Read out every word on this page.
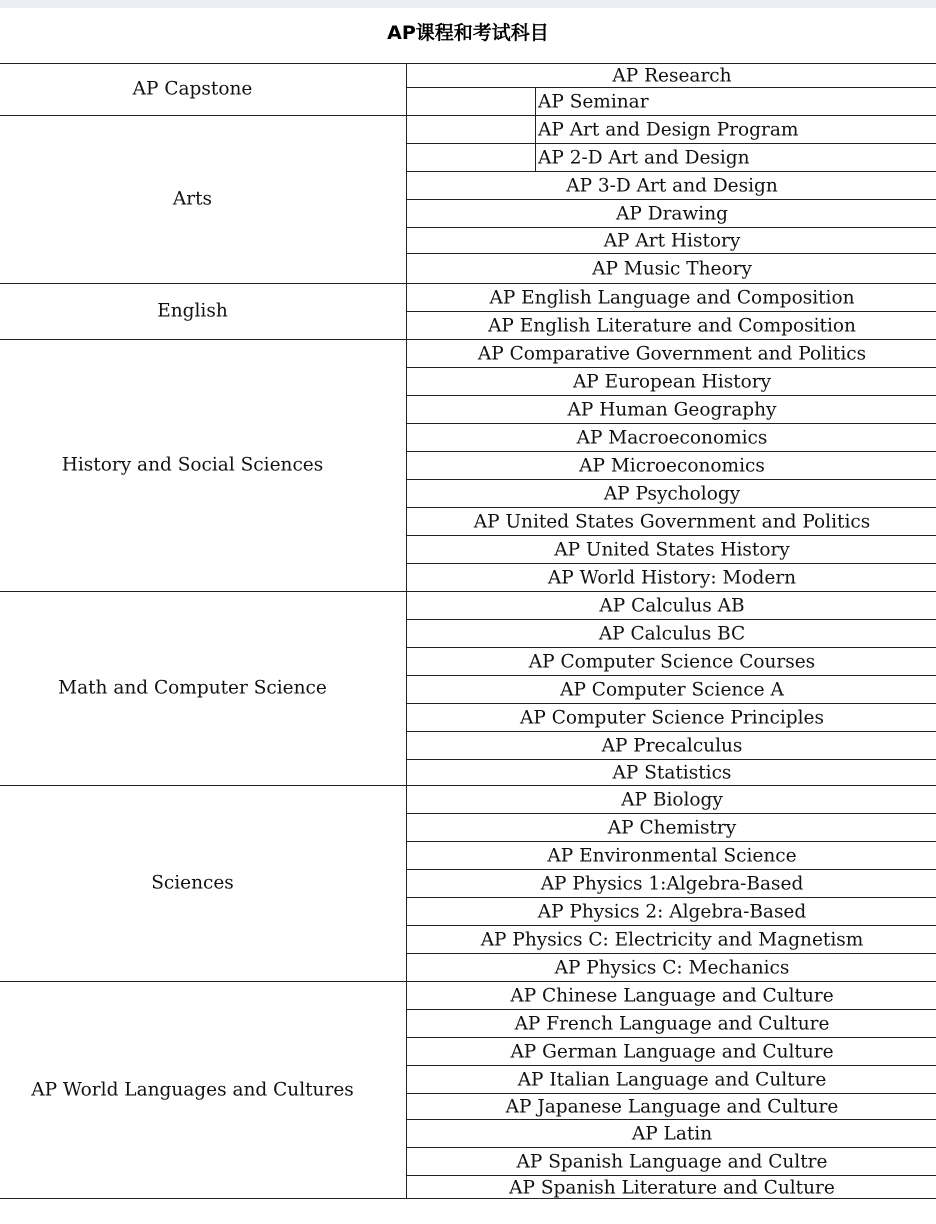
AP课程和考试科目
AP Capstone
Arts
English
History and Social Sciences
Math and Computer Science
Sciences
AP World Languages and Cultures
AP Research
AP Seminar
AP Art and Design Program
AP 2-D Art and Design
AP 3-D Art and Design
AP Drawing
AP Art History
AP Music Theory
AP English Language and Composition
AP English Literature and Composition
AP Comparative Government and Politics
AP European History
AP Human Geography
AP Macroeconomics
AP Microeconomics
AP Psychology
AP United States Government and Politics
AP United States History
AP World History: Modern
AP Calculus AB
AP Calculus BC
AP Computer Science Courses
AP Computer Science A
AP Computer Science Principles
AP Precalculus
AP Statistics
AP Biology
AP Chemistry
AP Environmental Science
AP Physics 1:Algebra-Based
AP Physics 2: Algebra-Based
AP Physics C: Electricity and Magnetism
AP Physics C: Mechanics
AP Chinese Language and Culture
AP French Language and Culture
AP German Language and Culture
AP Italian Language and Culture
AP Japanese Language and Culture
AP Latin
AP Spanish Language and Cultre
AP Spanish Literature and Culture
